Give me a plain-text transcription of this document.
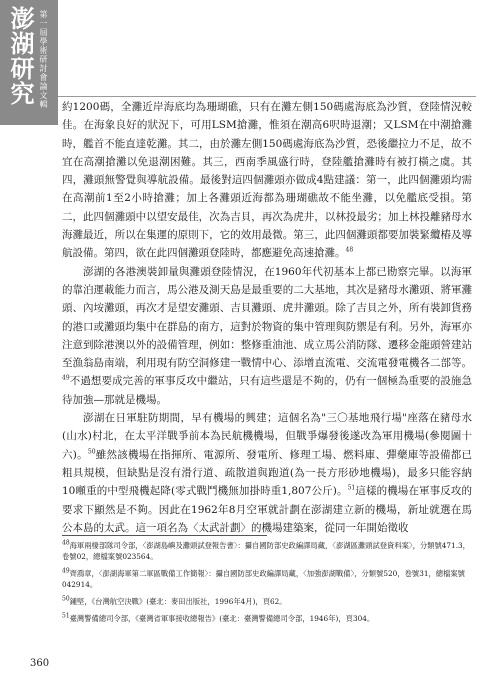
澎湖研究 第一屆學術研討會論文輯 約1200碼，全灘近岸海底均為珊瑚礁，只有在灘左側150碼處海底為沙質，登陸情況較佳。在海象良好的狀況下，可用LSM搶灘，惟須在潮高6呎時退潮；又LSM在中潮搶灘時，艦首不能直達乾灘。其二，由於灘左側150碼處海底為沙質，恐後繼拉力不足，故不宜在高潮搶灘以免退潮困難。其三，西南季風盛行時，登陸艦搶灘時有被打橫之虞。其四，灘頭無警覺與導航設備。最後對這四個灘頭亦做成4點建議：第一，此四個灘頭均需在高潮前1至2小時搶灘；加上各灘頭近海都為珊瑚礁故不能坐灘，以免艦底受損。第二，此四個灘頭中以望安最佳，次為吉貝，再次為虎井，以林投最劣；加上林投離豬母水海灘最近，所以在集運的原則下，它的效用最微。第三，此四個灘頭都要加裝緊纜樁及導航設備。第四，欲在此四個灘頭登陸時，都應避免高速搶灘。$^{48}$

澎湖的各港澳裝卸量與灘頭登陸情況，在1960年代初基本上都已勘察完畢。以海軍的靠泊運載能力而言，馬公港及測天島是最重要的二大基地，其次是豬母水灘頭、將軍灘頭、內垵灘頭，再次才是望安灘頭、吉貝灘頭、虎井灘頭。除了吉貝之外，所有裝卸貨務的港口或灘頭均集中在群島的南方，這對於物資的集中管理與防禦是有利。另外，海軍亦注意到除港澳以外的設備管理，例如：整修重油池、成立馬公消防隊、遷移金龍頭營建站至漁翁島南端，利用現有防空洞修建一戰情中心、添增直流電、交流電發電機各二部等。$^{49}$不過想要成完善的軍事反攻中繼站，只有這些還是不夠的，仍有一個極為重要的設施急待加強—那就是機場。

澎湖在日軍駐防期間，早有機場的興建；這個名為"三〇基地飛行場"座落在豬母水(山水)村北，在太平洋戰爭前本為民航機機場，但戰爭爆發後遂改為軍用機場(參閱圖十六)。$^{50}$雖然該機場在指揮所、電源所、發電所、修理工場、燃料庫、彈藥庫等設備都已粗具規模，但缺點是沒有滑行道、疏散道與跑道(為一長方形砂地機場)，最多只能容納10噸重的中型飛機起降(零式戰鬥機無加掛時重1,807公斤)。$^{51}$這樣的機場在軍事反攻的要求下顯然是不夠。因此在1962年8月空軍就計劃在澎湖建立新的機場，新址就選在馬公本島的太武。這一項名為〈太武計劃〉的機場建築案，從同一年開始徵收

$^{48}$海軍兩棲部隊司令部，〈澎湖島嶼及灘頭試登報告書〉：攝自國防部史政編譯局藏，〈澎湖區灘頭試登資料案〉，分類號471.3，卷號02，總檔案號023564。

$^{49}$齊鴻章，〈澎湖海軍第二軍區戰備工作簡報〉：攝自國防部史政編譯局藏，〈加強澎湖戰備〉，分類號520，卷號31，總檔案號042914。

$^{50}$鍾堅，《台灣航空決戰》(臺北：麥田出版社，1996年4月)，頁62。

$^{51}$臺灣警備總司令部，《臺灣省軍事接收總報告》(臺北：臺灣警備總司令部，1946年)，頁304。

360
